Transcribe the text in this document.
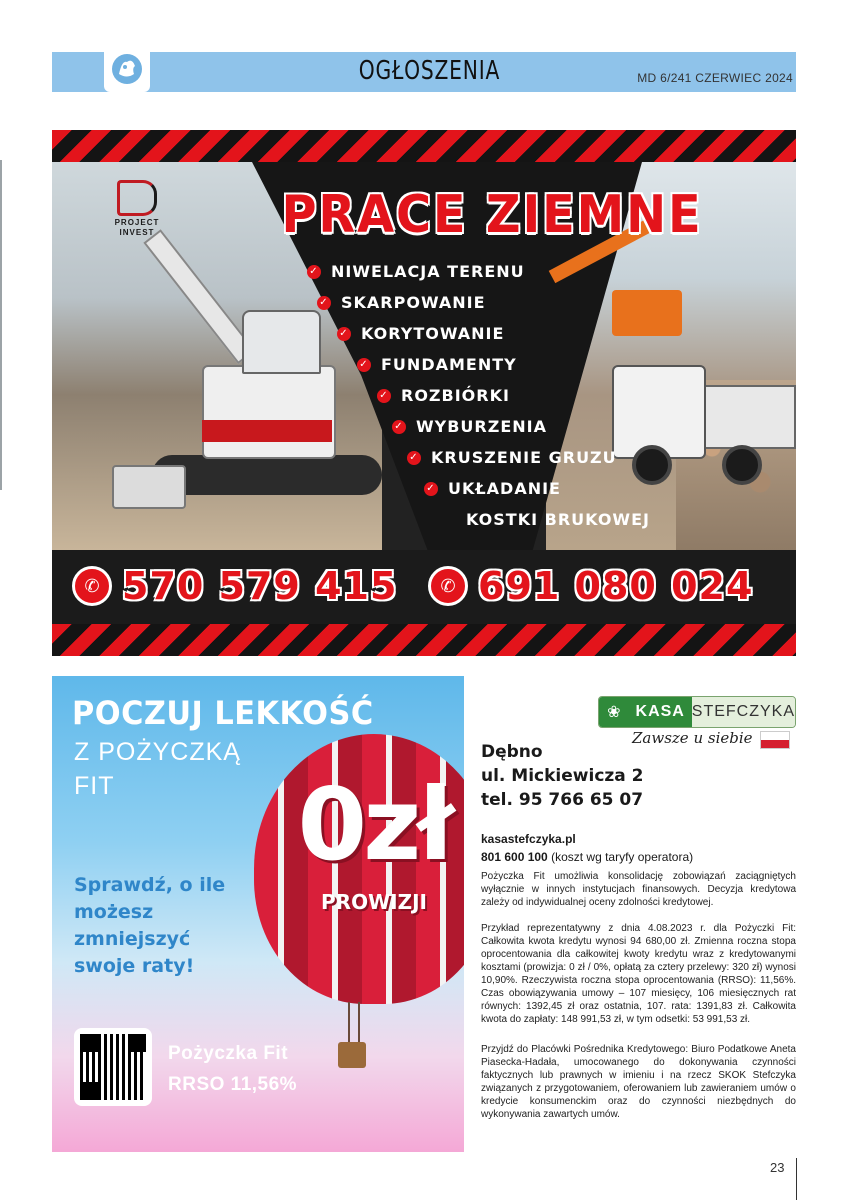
OGŁOSZENIA	MD 6/241 CZERWIEC 2024
PROJECT
INVEST	PRACE ZIEMNE
✓ NIWELACJA TERENU
✓ SKARPOWANIE
✓ KORYTOWANIE
✓ FUNDAMENTY
✓ ROZBIÓRKI
✓ WYBURZENIA
✓ KRUSZENIE GRUZU
✓ UKŁADANIE
KOSTKI BRUKOWEJ
✆ 570 579 415	✆ 691 080 024
POCZUJ LEKKOŚĆ
Z POŻYCZKĄ
FIT 0zł
PROWIZJI
Sprawdź, o ile możesz zmniejszyć swoje raty!
Pożyczka Fit
RRSO 11,56%
❀ KASA STEFCZYKA
Zawsze u siebie
Dębno
ul. Mickiewicza 2
tel. 95 766 65 07
kasastefczyka.pl
801 600 100 (koszt wg taryfy operatora)
Pożyczka Fit umożliwia konsolidację zobowiązań zaciągniętych wyłącznie w innych instytucjach finansowych. Decyzja kredytowa zależy od indywidualnej oceny zdolności kredytowej.
Przykład reprezentatywny z dnia 4.08.2023 r. dla Pożyczki Fit: Całkowita kwota kredytu wynosi 94 680,00 zł. Zmienna roczna stopa oprocentowania dla całkowitej kwoty kredytu wraz z kredytowanymi kosztami (prowizja: 0 zł / 0%, opłatą za cztery przelewy: 320 zł) wynosi 10,90%. Rzeczywista roczna stopa oprocentowania (RRSO): 11,56%. Czas obowiązywania umowy – 107 miesięcy, 106 miesięcznych rat równych: 1392,45 zł oraz ostatnia, 107. rata: 1391,83 zł. Całkowita kwota do zapłaty: 148 991,53 zł, w tym odsetki: 53 991,53 zł.
Przyjdź do Placówki Pośrednika Kredytowego: Biuro Podatkowe Aneta Piasecka-Hadała, umocowanego do dokonywania czynności faktycznych lub prawnych w imieniu i na rzecz SKOK Stefczyka związanych z przygotowaniem, oferowaniem lub zawieraniem umów o kredycie konsumenckim oraz do czynności niezbędnych do wykonywania zawartych umów.
23
